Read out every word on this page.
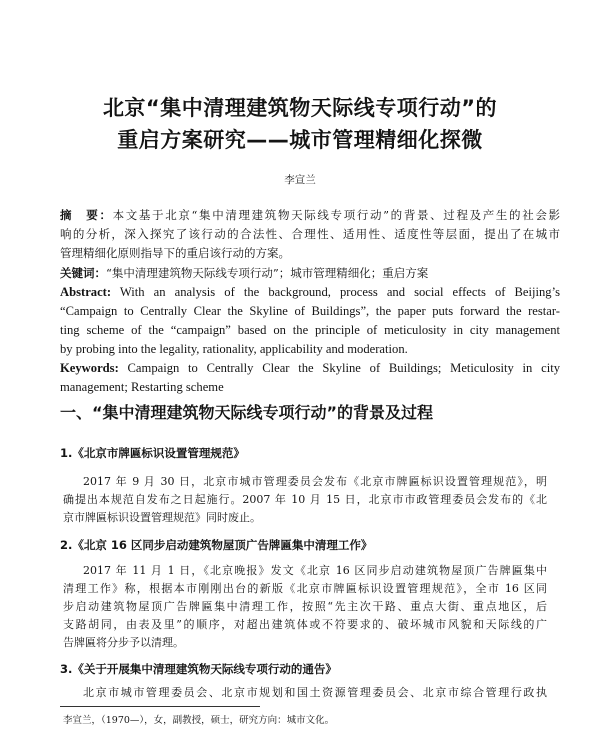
北京“集中清理建筑物天际线专项行动”的
重启方案研究——城市管理精细化探微
李宣兰
摘　要：本文基于北京“集中清理建筑物天际线专项行动”的背景、过程及产生的社会影
响的分析，深入探究了该行动的合法性、合理性、适用性、适度性等层面，提出了在城市
管理精细化原则指导下的重启该行动的方案。
关键词：“集中清理建筑物天际线专项行动”；城市管理精细化；重启方案
Abstract: With an analysis of the background, process and social effects of Beijing’s
“Campaign to Centrally Clear the Skyline of Buildings”, the paper puts forward the restar-
ting scheme of the “campaign” based on the principle of meticulosity in city management
by probing into the legality, rationality, applicability and moderation.
Keywords: Campaign to Centrally Clear the Skyline of Buildings; Meticulosity in city
management; Restarting scheme
一、“集中清理建筑物天际线专项行动”的背景及过程
1.《北京市牌匾标识设置管理规范》
2017 年 9 月 30 日，北京市城市管理委员会发布《北京市牌匾标识设置管理规范》，明
确提出本规范自发布之日起施行。2007 年 10 月 15 日，北京市市政管理委员会发布的《北
京市牌匾标识设置管理规范》同时废止。
2.《北京 16 区同步启动建筑物屋顶广告牌匾集中清理工作》
2017 年 11 月 1 日，《北京晚报》发文《北京 16 区同步启动建筑物屋顶广告牌匾集中
清理工作》称，根据本市刚刚出台的新版《北京市牌匾标识设置管理规范》，全市 16 区同
步启动建筑物屋顶广告牌匾集中清理工作，按照“先主次干路、重点大街、重点地区，后
支路胡同，由表及里”的顺序，对超出建筑体或不符要求的、破坏城市风貌和天际线的广
告牌匾将分步予以清理。
3.《关于开展集中清理建筑物天际线专项行动的通告》
北京市城市管理委员会、北京市规划和国土资源管理委员会、北京市综合管理行政执
李宣兰，（1970—），女，副教授，硕士，研究方向：城市文化。
